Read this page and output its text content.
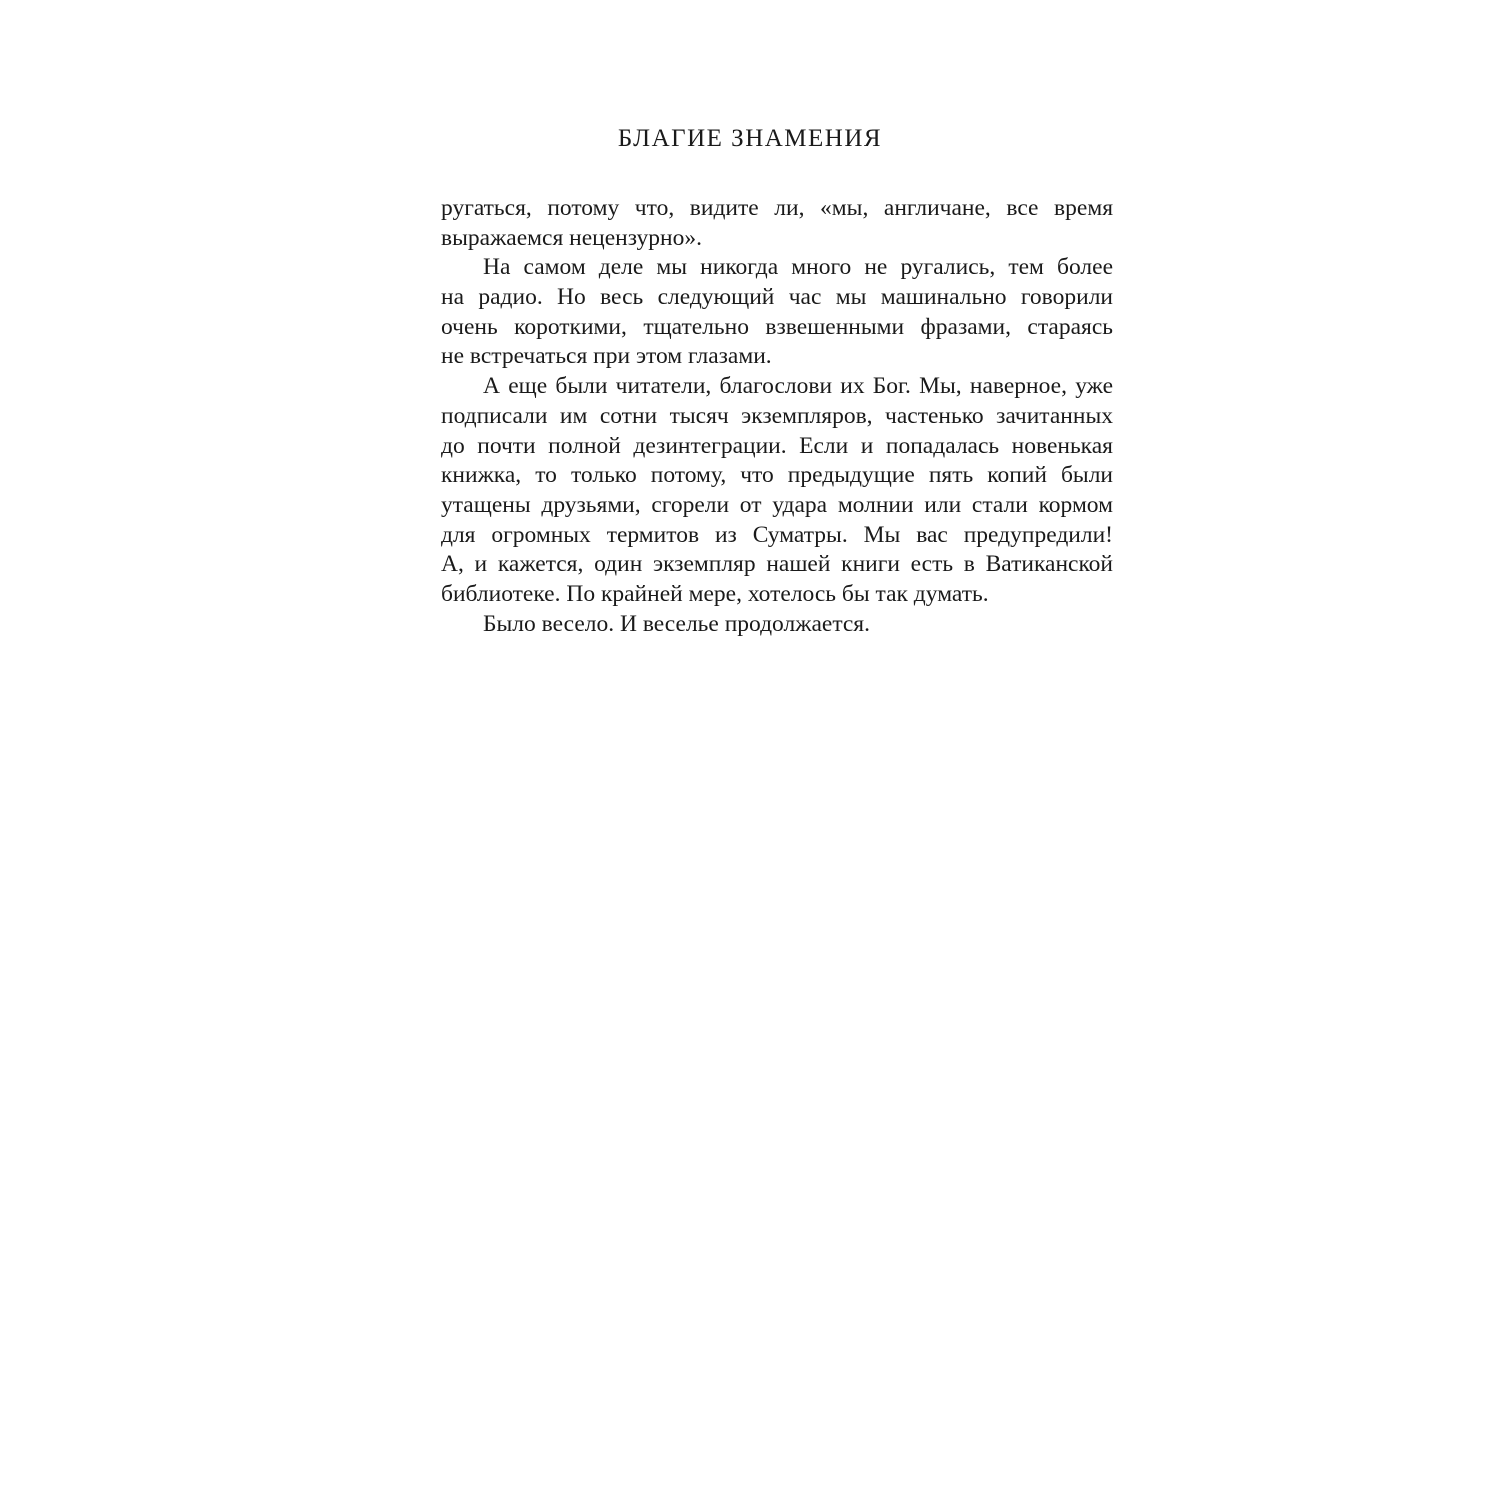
БЛАГИЕ ЗНАМЕНИЯ
ругаться, потому что, видите ли, «мы, англичане, все время
выражаемся нецензурно».
На самом деле мы никогда много не ругались, тем более
на радио. Но весь следующий час мы машинально говорили
очень короткими, тщательно взвешенными фразами, стараясь
не встречаться при этом глазами.
А еще были читатели, благослови их Бог. Мы, наверное, уже
подписали им сотни тысяч экземпляров, частенько зачитанных
до почти полной дезинтеграции. Если и попадалась новенькая
книжка, то только потому, что предыдущие пять копий были
утащены друзьями, сгорели от удара молнии или стали кормом
для огромных термитов из Суматры. Мы вас предупредили!
А, и кажется, один экземпляр нашей книги есть в Ватиканской
библиотеке. По крайней мере, хотелось бы так думать.
Было весело. И веселье продолжается.
